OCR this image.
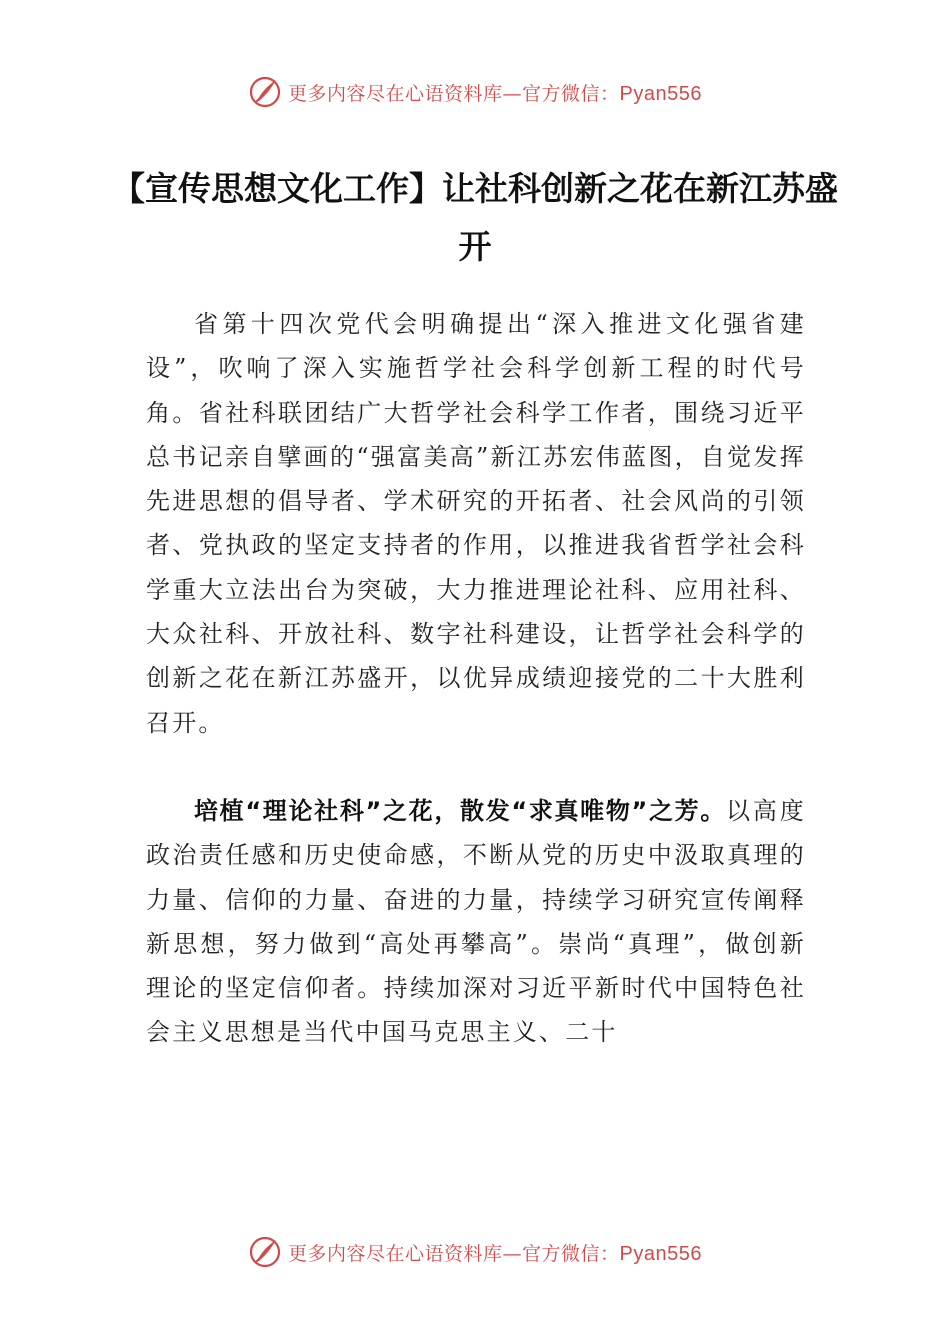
更多内容尽在心语资料库—官方微信：Pyan556
【宣传思想文化工作】让社科创新之花在新江苏盛开

省第十四次党代会明确提出“深入推进文化强省建设”，吹响了深入实施哲学社会科学创新工程的时代号角。省社科联团结广大哲学社会科学工作者，围绕习近平总书记亲自擘画的“强富美高”新江苏宏伟蓝图，自觉发挥先进思想的倡导者、学术研究的开拓者、社会风尚的引领者、党执政的坚定支持者的作用，以推进我省哲学社会科学重大立法出台为突破，大力推进理论社科、应用社科、大众社科、开放社科、数字社科建设，让哲学社会科学的创新之花在新江苏盛开，以优异成绩迎接党的二十大胜利召开。

培植“理论社科”之花，散发“求真唯物”之芳。以高度政治责任感和历史使命感，不断从党的历史中汲取真理的力量、信仰的力量、奋进的力量，持续学习研究宣传阐释新思想，努力做到“高处再攀高”。崇尚“真理”，做创新理论的坚定信仰者。持续加深对习近平新时代中国特色社会主义思想是当代中国马克思主义、二十

更多内容尽在心语资料库—官方微信：Pyan556
